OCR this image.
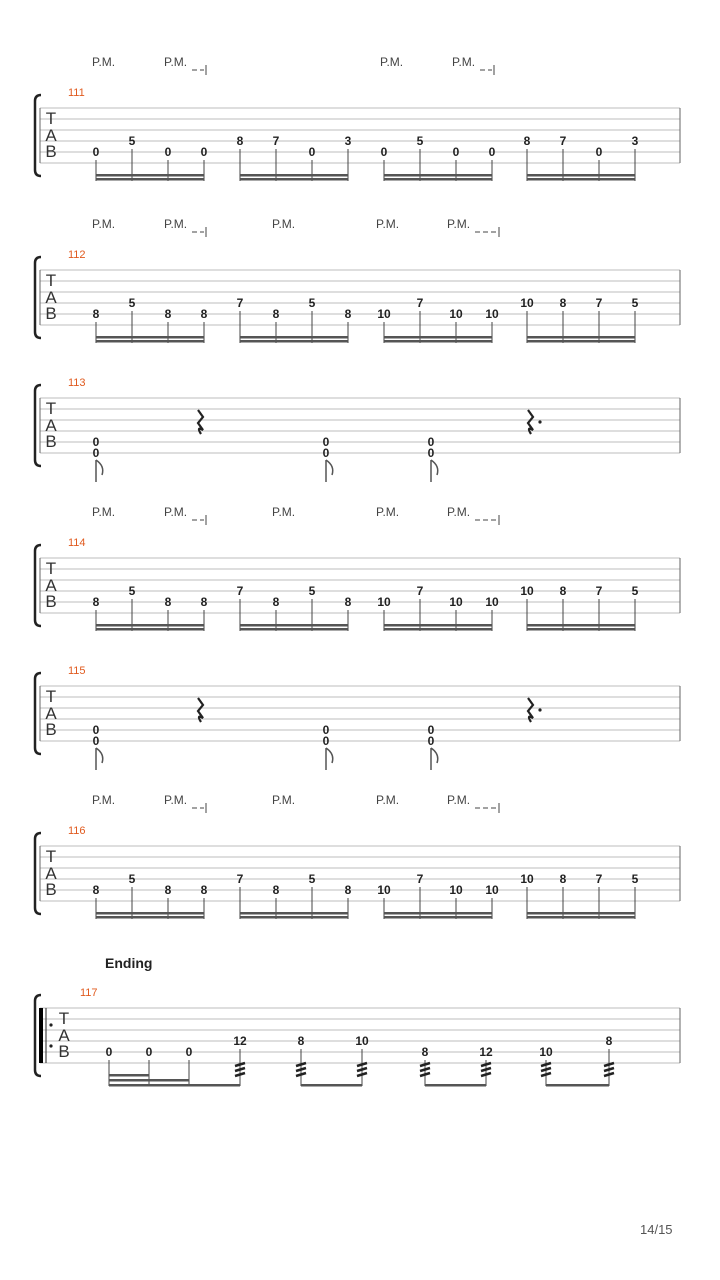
T
A
B
111
P.M.	P.M.	P.M.	P.M.
0
5
0 0
8 7
0
3
0
5
0 0
8 7
0
3
T
A
B
112
P.M.	P.M.	P.M.	P.M.	P.M.
8
5
8 8
7
8
5
8 10
7
10 10
10 8 7 5
T
A
B
113
0
0
0
0
0
0
T
A
B
114
P.M.	P.M.	P.M.	P.M.	P.M.
8
5
8 8
7
8
5
8 10
7
10 10
10 8 7 5
T
A
B
115
0
0
0
0
0
0
T
A
B
116
P.M.	P.M.	P.M.	P.M.	P.M.
8
5
8 8
7
8
5
8 10
7
10 10
10 8 7 5
T
A
B
117
Ending
0	0	0
12	8	10
8	12	10
8
14/15
